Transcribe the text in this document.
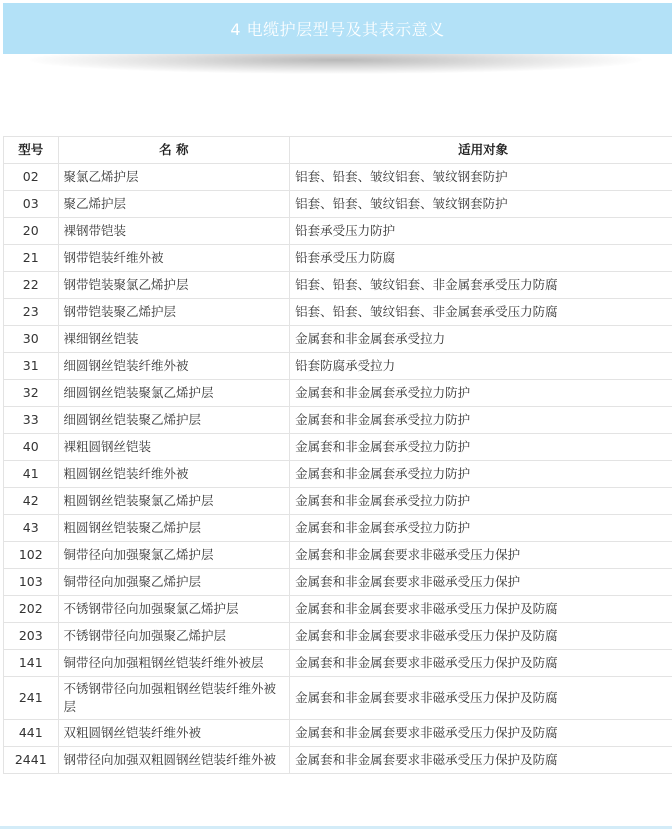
4 电缆护层型号及其表示意义
型号	名 称	适用对象
02	聚氯乙烯护层	铝套、铅套、皱纹铝套、皱纹钢套防护
03	聚乙烯护层	铝套、铅套、皱纹铝套、皱纹钢套防护
20	裸钢带铠装	铅套承受压力防护
21	钢带铠装纤维外被	铅套承受压力防腐
22	钢带铠装聚氯乙烯护层	铝套、铅套、皱纹铝套、非金属套承受压力防腐
23	钢带铠装聚乙烯护层	铝套、铅套、皱纹铝套、非金属套承受压力防腐
30	裸细钢丝铠装	金属套和非金属套承受拉力
31	细圆钢丝铠装纤维外被	铅套防腐承受拉力
32	细圆钢丝铠装聚氯乙烯护层	金属套和非金属套承受拉力防护
33	细圆钢丝铠装聚乙烯护层	金属套和非金属套承受拉力防护
40	裸粗圆钢丝铠装	金属套和非金属套承受拉力防护
41	粗圆钢丝铠装纤维外被	金属套和非金属套承受拉力防护
42	粗圆钢丝铠装聚氯乙烯护层	金属套和非金属套承受拉力防护
43	粗圆钢丝铠装聚乙烯护层	金属套和非金属套承受拉力防护
102	铜带径向加强聚氯乙烯护层	金属套和非金属套要求非磁承受压力保护
103	铜带径向加强聚乙烯护层	金属套和非金属套要求非磁承受压力保护
202	不锈钢带径向加强聚氯乙烯护层	金属套和非金属套要求非磁承受压力保护及防腐
203	不锈钢带径向加强聚乙烯护层	金属套和非金属套要求非磁承受压力保护及防腐
141	铜带径向加强粗钢丝铠装纤维外被层	金属套和非金属套要求非磁承受压力保护及防腐
241	不锈钢带径向加强粗钢丝铠装纤维外被层	金属套和非金属套要求非磁承受压力保护及防腐
441	双粗圆钢丝铠装纤维外被	金属套和非金属套要求非磁承受压力保护及防腐
2441	钢带径向加强双粗圆钢丝铠装纤维外被	金属套和非金属套要求非磁承受压力保护及防腐
